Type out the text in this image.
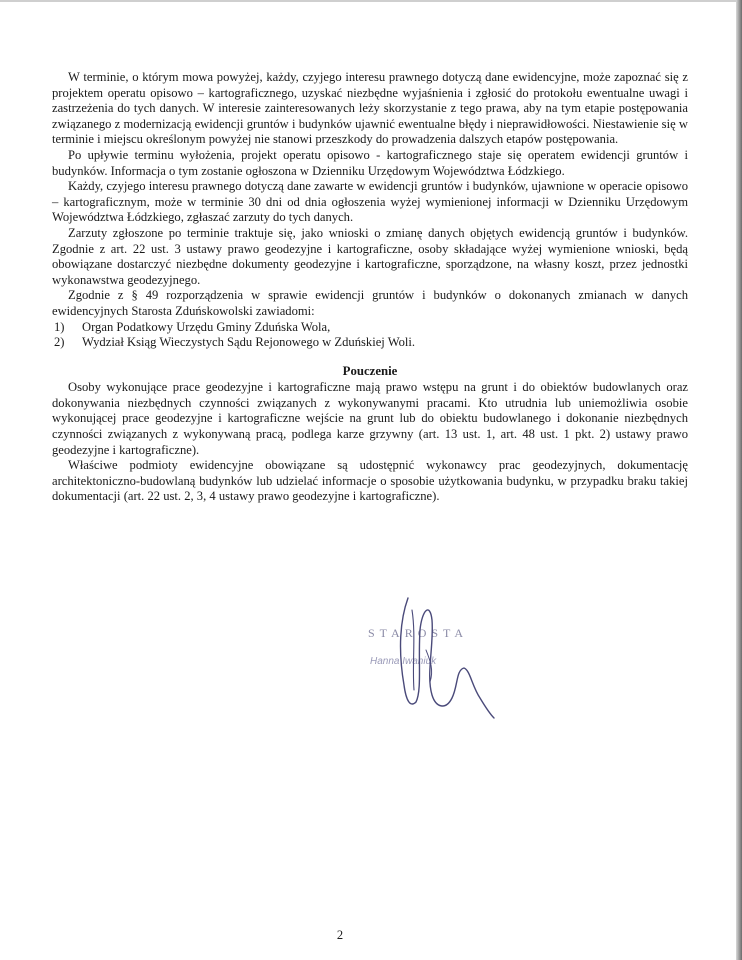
W terminie, o którym mowa powyżej, każdy, czyjego interesu prawnego dotyczą dane ewidencyjne, może zapoznać się z projektem operatu opisowo – kartograficznego, uzyskać niezbędne wyjaśnienia i zgłosić do protokołu ewentualne uwagi i zastrzeżenia do tych danych. W interesie zainteresowanych leży skorzystanie z tego prawa, aby na tym etapie postępowania związanego z modernizacją ewidencji gruntów i budynków ujawnić ewentualne błędy i nieprawidłowości. Niestawienie się w terminie i miejscu określonym powyżej nie stanowi przeszkody do prowadzenia dalszych etapów postępowania.

Po upływie terminu wyłożenia, projekt operatu opisowo - kartograficznego staje się operatem ewidencji gruntów i budynków. Informacja o tym zostanie ogłoszona w Dzienniku Urzędowym Województwa Łódzkiego.

Każdy, czyjego interesu prawnego dotyczą dane zawarte w ewidencji gruntów i budynków, ujawnione w operacie opisowo – kartograficznym, może w terminie 30 dni od dnia ogłoszenia wyżej wymienionej informacji w Dzienniku Urzędowym Województwa Łódzkiego, zgłaszać zarzuty do tych danych.

Zarzuty zgłoszone po terminie traktuje się, jako wnioski o zmianę danych objętych ewidencją gruntów i budynków. Zgodnie z art. 22 ust. 3 ustawy prawo geodezyjne i kartograficzne, osoby składające wyżej wymienione wnioski, będą obowiązane dostarczyć niezbędne dokumenty geodezyjne i kartograficzne, sporządzone, na własny koszt, przez jednostki wykonawstwa geodezyjnego.

Zgodnie z § 49 rozporządzenia w sprawie ewidencji gruntów i budynków o dokonanych zmianach w danych ewidencyjnych Starosta Zduńskowolski zawiadomi:

1)	Organ Podatkowy Urzędu Gminy Zduńska Wola,
2)	Wydział Ksiąg Wieczystych Sądu Rejonowego w Zduńskiej Woli.
Pouczenie

Osoby wykonujące prace geodezyjne i kartograficzne mają prawo wstępu na grunt i do obiektów budowlanych oraz dokonywania niezbędnych czynności związanych z wykonywanymi pracami. Kto utrudnia lub uniemożliwia osobie wykonującej prace geodezyjne i kartograficzne wejście na grunt lub do obiektu budowlanego i dokonanie niezbędnych czynności związanych z wykonywaną pracą, podlega karze grzywny (art. 13 ust. 1, art. 48 ust. 1 pkt. 2) ustawy prawo geodezyjne i kartograficzne).

Właściwe podmioty ewidencyjne obowiązane są udostępnić wykonawcy prac geodezyjnych, dokumentację architektoniczno-budowlaną budynków lub udzielać informacje o sposobie użytkowania budynku, w przypadku braku takiej dokumentacji (art. 22 ust. 2, 3, 4 ustawy prawo geodezyjne i kartograficzne).

STAROSTA
Hanna Iwaniuk
2
